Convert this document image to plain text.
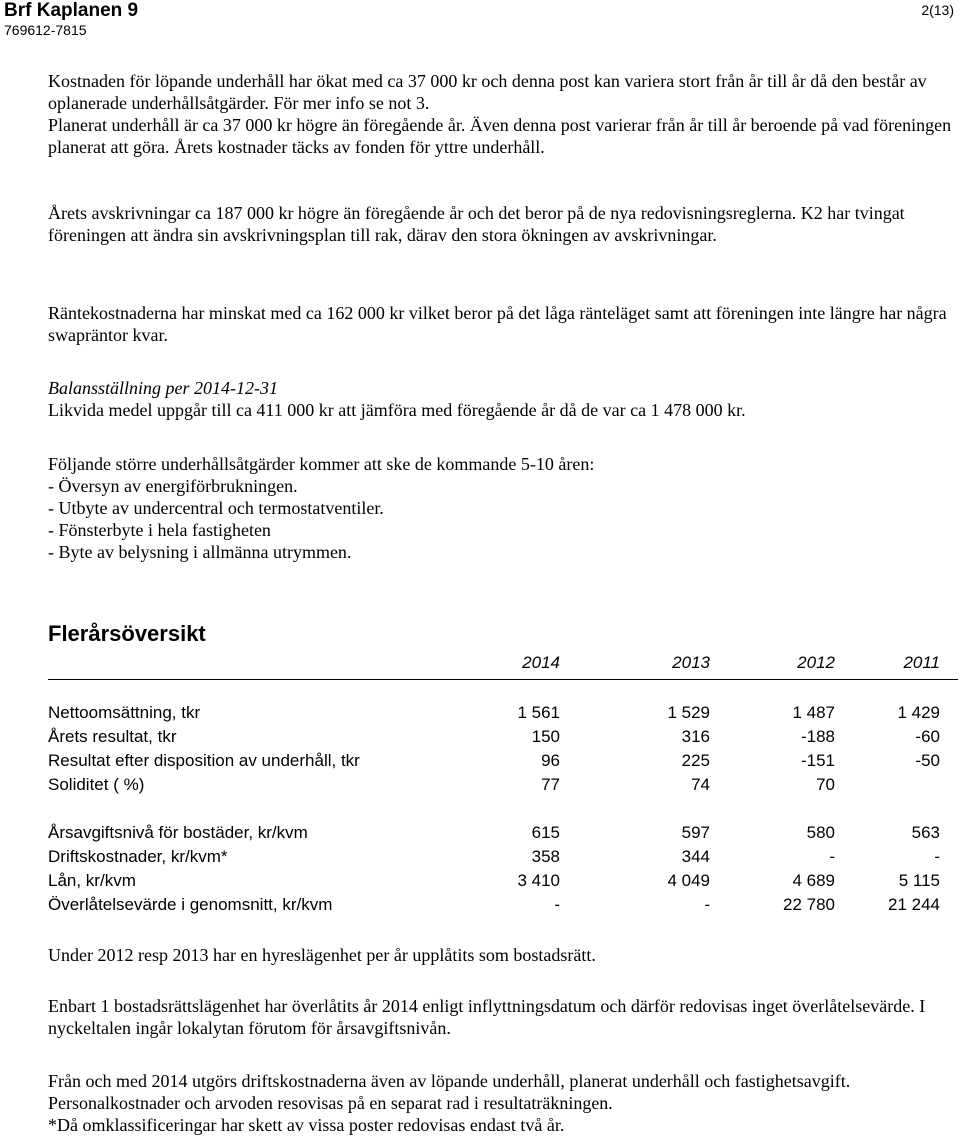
Brf Kaplanen 9
769612-7815
2(13)

Kostnaden för löpande underhåll har ökat med ca 37 000 kr och denna post kan variera stort från år till år då den består av oplanerade underhållsåtgärder. För mer info se not 3.

Planerat underhåll är ca 37 000 kr högre än föregående år. Även denna post varierar från år till år beroende på vad föreningen planerat att göra. Årets kostnader täcks av fonden för yttre underhåll.

Årets avskrivningar ca 187 000 kr högre än föregående år och det beror på de nya redovisningsreglerna. K2 har tvingat föreningen att ändra sin avskrivningsplan till rak, därav den stora ökningen av avskrivningar.

Räntekostnaderna har minskat med ca 162 000 kr vilket beror på det låga ränteläget samt att föreningen inte längre har några swapräntor kvar.

Balansställning per 2014-12-31

Likvida medel uppgår till ca 411 000 kr att jämföra med föregående år då de var ca 1 478 000 kr.

Följande större underhållsåtgärder kommer att ske de kommande 5-10 åren:

- Översyn av energiförbrukningen.

- Utbyte av undercentral och termostatventiler.

- Fönsterbyte i hela fastigheten

- Byte av belysning i allmänna utrymmen.

Flerårsöversikt
2014	2013	2012	2011
Nettoomsättning, tkr	1 561	1 529	1 487	1 429
Årets resultat, tkr	150	316	-188	-60
Resultat efter disposition av underhåll, tkr	96	225	-151	-50
Soliditet ( %)	77	74	70
Årsavgiftsnivå för bostäder, kr/kvm	615	597	580	563
Driftskostnader, kr/kvm*	358	344	-	-
Lån, kr/kvm	3 410	4 049	4 689	5 115
Överlåtelsevärde i genomsnitt, kr/kvm	-	-	22 780	21 244

Under 2012 resp 2013 har en hyreslägenhet per år upplåtits som bostadsrätt.

Enbart 1 bostadsrättslägenhet har överlåtits år 2014 enligt inflyttningsdatum och därför redovisas inget överlåtelsevärde. I nyckeltalen ingår lokalytan förutom för årsavgiftsnivån.

Från och med 2014 utgörs driftskostnaderna även av löpande underhåll, planerat underhåll och fastighetsavgift. Personalkostnader och arvoden resovisas på en separat rad i resultaträkningen.

*Då omklassificeringar har skett av vissa poster redovisas endast två år.
